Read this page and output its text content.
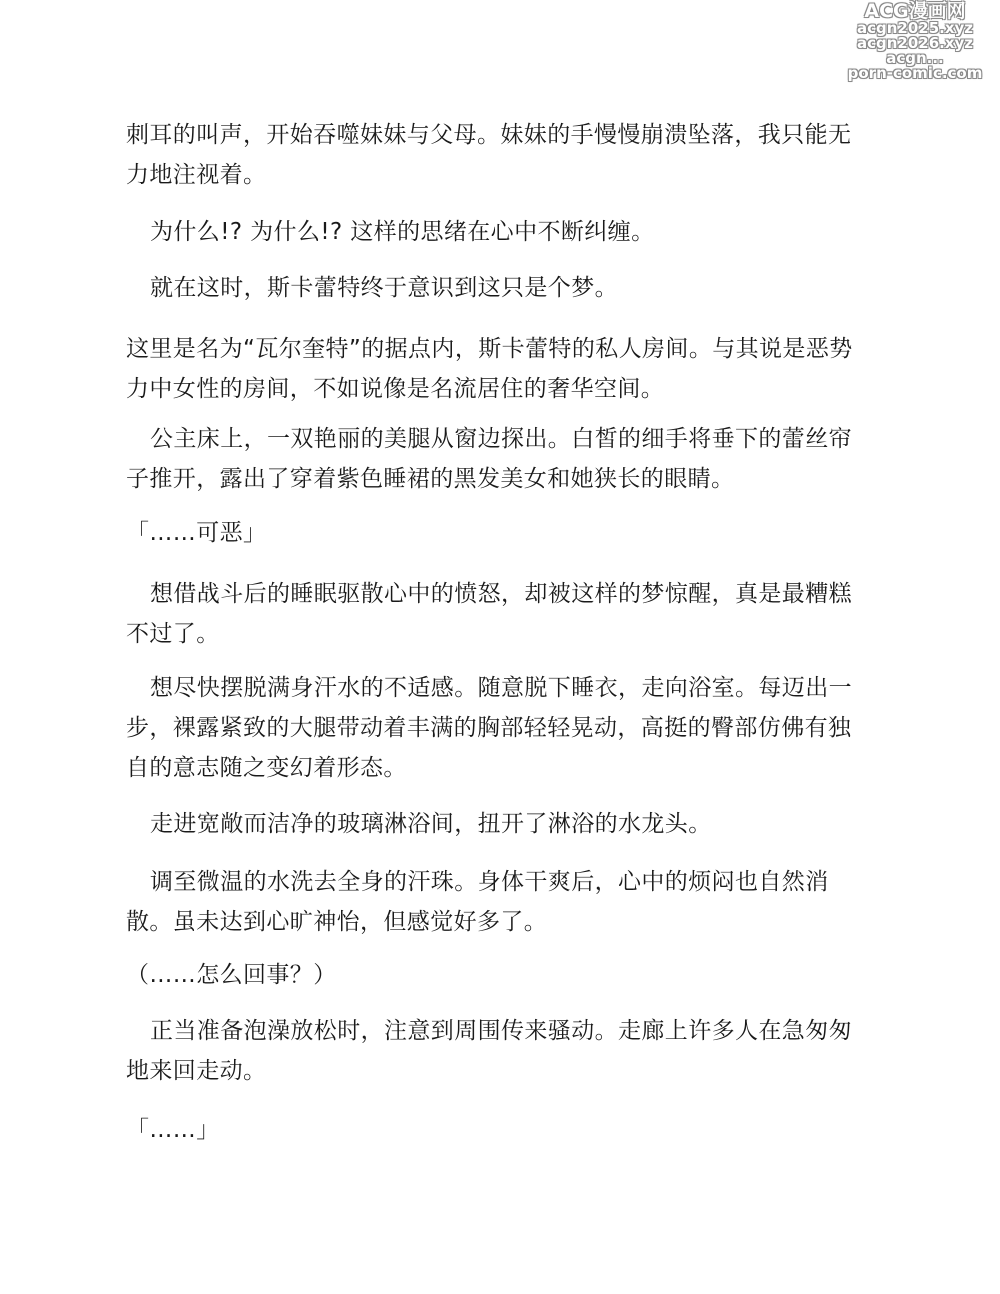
ACG漫画网
acgn2025.xyz
acgn2026.xyz
acgn...
porn-comic.com

刺耳的叫声，开始吞噬妹妹与父母。妹妹的手慢慢崩溃坠落，我只能无力地注视着。

为什么!? 为什么!? 这样的思绪在心中不断纠缠。

就在这时，斯卡蕾特终于意识到这只是个梦。

这里是名为“瓦尔奎特”的据点内，斯卡蕾特的私人房间。与其说是恶势力中女性的房间，不如说像是名流居住的奢华空间。

公主床上，一双艳丽的美腿从窗边探出。白皙的细手将垂下的蕾丝帘子推开，露出了穿着紫色睡裙的黑发美女和她狭长的眼睛。

「……可恶」

想借战斗后的睡眠驱散心中的愤怒，却被这样的梦惊醒，真是最糟糕不过了。

想尽快摆脱满身汗水的不适感。随意脱下睡衣，走向浴室。每迈出一步，裸露紧致的大腿带动着丰满的胸部轻轻晃动，高挺的臀部仿佛有独自的意志随之变幻着形态。

走进宽敞而洁净的玻璃淋浴间，扭开了淋浴的水龙头。

调至微温的水洗去全身的汗珠。身体干爽后，心中的烦闷也自然消散。虽未达到心旷神怡，但感觉好多了。

（……怎么回事？）

正当准备泡澡放松时，注意到周围传来骚动。走廊上许多人在急匆匆地来回走动。

「……」
